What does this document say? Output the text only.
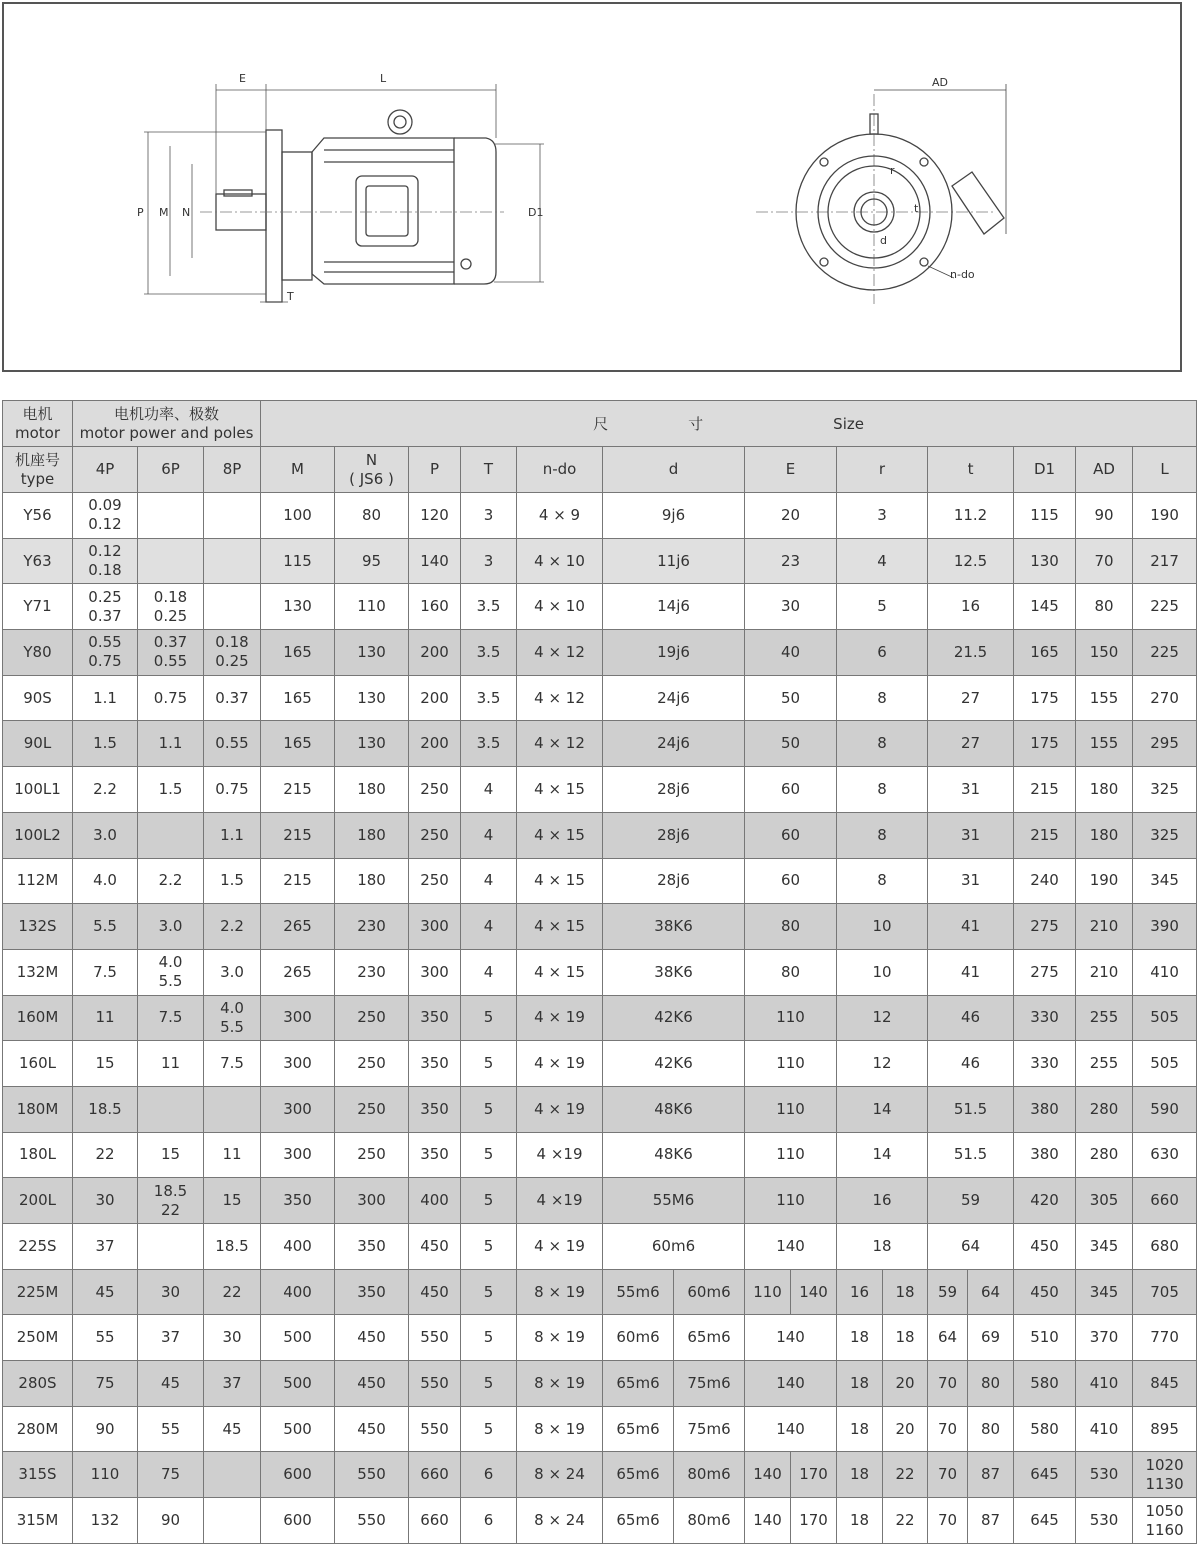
E	L
P M N	D1
T
AD
r
t
d
n-do
电机
motor	电机功率、极数
motor power and poles			尺 寸 Size															

机座号
type	4P	6P	8P	M	N
( JS6 )	P	T	n-do	d		E		r		t		D1	AD	L

Y56	0.09
0.12			100	80	120	3	4 × 9	9j6		20		3		11.2		115	90	190

Y63	0.12
0.18			115	95	140	3	4 × 10	11j6		23		4		12.5		130	70	217

Y71	0.25
0.37	0.18
0.25		130	110	160	3.5	4 × 10	14j6		30		5		16		145	80	225

Y80	0.55
0.75	0.37
0.55	0.18
0.25	165	130	200	3.5	4 × 12	19j6		40		6		21.5		165	150	225

90S	1.1	0.75	0.37	165	130	200	3.5	4 × 12	24j6		50		8		27		175	155	270

90L	1.5	1.1	0.55	165	130	200	3.5	4 × 12	24j6		50		8		27		175	155	295

100L1	2.2	1.5	0.75	215	180	250	4	4 × 15	28j6		60		8		31		215	180	325

100L2	3.0		1.1	215	180	250	4	4 × 15	28j6		60		8		31		215	180	325

112M	4.0	2.2	1.5	215	180	250	4	4 × 15	28j6		60		8		31		240	190	345

132S	5.5	3.0	2.2	265	230	300	4	4 × 15	38K6		80		10		41		275	210	390

132M	7.5	4.0
5.5	3.0	265	230	300	4	4 × 15	38K6		80		10		41		275	210	410

160M	11	7.5	4.0
5.5	300	250	350	5	4 × 19	42K6		110		12		46		330	255	505

160L	15	11	7.5	300	250	350	5	4 × 19	42K6		110		12		46		330	255	505

180M	18.5			300	250	350	5	4 × 19	48K6		110		14		51.5		380	280	590

180L	22	15	11	300	250	350	5	4 ×19	48K6		110		14		51.5		380	280	630

200L	30	18.5
22	15	350	300	400	5	4 ×19	55M6		110		16		59		420	305	660

225S	37		18.5	400	350	450	5	4 × 19	60m6		140		18		64		450	345	680

225M	45	30	22	400	350	450	5	8 × 19	55m6	60m6	110	140	16	18	59	64	450	345	705

250M	55	37	30	500	450	550	5	8 × 19	60m6	65m6	140		18	18	64	69	510	370	770

280S	75	45	37	500	450	550	5	8 × 19	65m6	75m6	140		18	20	70	80	580	410	845

280M	90	55	45	500	450	550	5	8 × 19	65m6	75m6	140		18	20	70	80	580	410	895

315S	110	75		600	550	660	6	8 × 24	65m6	80m6	140	170	18	22	70	87	645	530	1020
1130

315M	132	90		600	550	660	6	8 × 24	65m6	80m6	140	170	18	22	70	87	645	530	1050
1160
